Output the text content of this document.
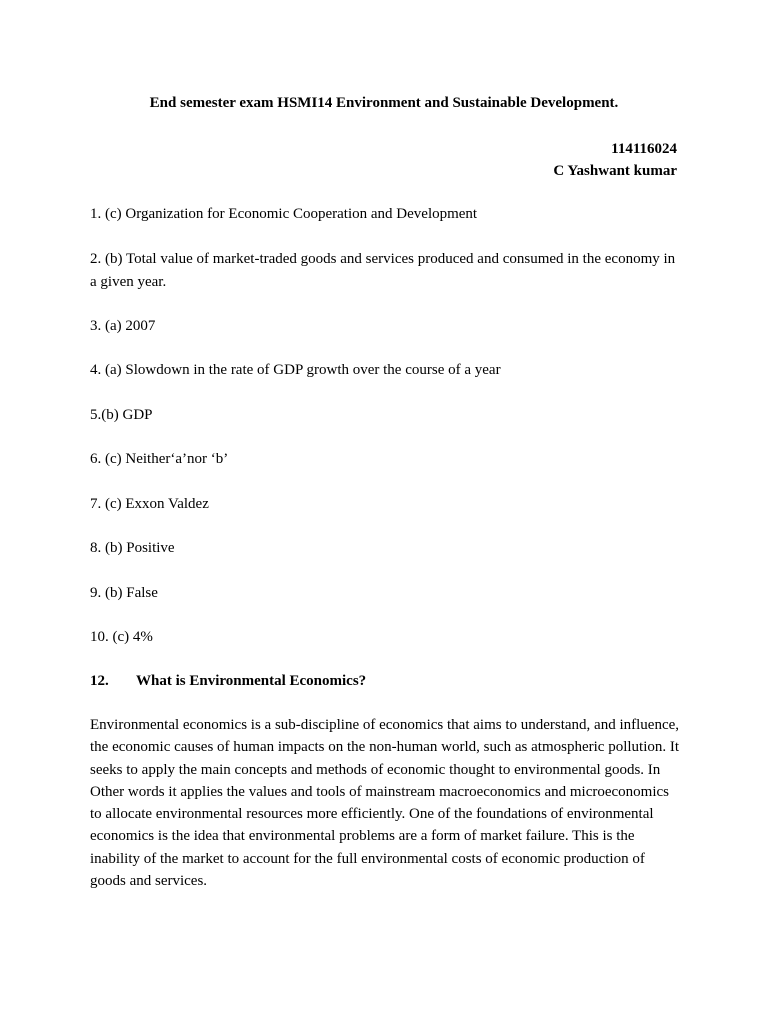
End semester exam HSMI14 Environment and Sustainable Development.
114116024
C Yashwant kumar
1. (c) Organization for Economic Cooperation and Development
2. (b) Total value of market-traded goods and services produced and consumed in the economy in a given year.
3. (a) 2007
4. (a) Slowdown in the rate of GDP growth over the course of a year
5.(b) GDP
6. (c) Neither‘a’nor ‘b’
7. (c) Exxon Valdez
8. (b) Positive
9. (b) False
10. (c) 4%
12. What is Environmental Economics?
Environmental economics is a sub-discipline of economics that aims to understand, and influence, the economic causes of human impacts on the non-human world, such as atmospheric pollution. It seeks to apply the main concepts and methods of economic thought to environmental goods. In Other words it applies the values and tools of mainstream macroeconomics and microeconomics to allocate environmental resources more efficiently. One of the foundations of environmental economics is the idea that environmental problems are a form of market failure. This is the inability of the market to account for the full environmental costs of economic production of goods and services.
